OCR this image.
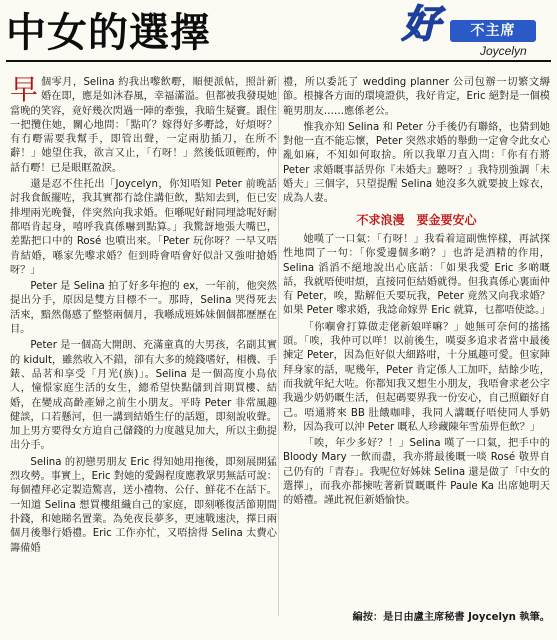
中女的選擇	好	不主席
Joycelyn

早個零月，Selina 約我出嚟飲嘢，順便派帖，照計新婚在即，應是如沐春風，幸福滿溢。但都被我發現她當晚的笑容，竟好幾次閃過一陣的牽強，我暗生疑竇。跟住一把攬住她，關心地問：「點吖？嫁得好多嘢諗，好煩呀？有冇嘢需要我幫手，即管出聲，一定兩肋插刀，在所不辭！」她望住我，欲言又止，「冇呀！」然後低頭輕酌，仲話冇嘢！已是眼眶盈淚。

還是忍不住托出「Joycelyn，你知唔知 Peter 前晚話討我食飯擺咗，我其實都冇諗住講佢飲，點知去到，佢已安排埋兩光晚餐，伴突然向我求婚。佢喺呢好耐同埋諗呢好耐都唔肯起身，嘻呼我真係嚇到點算。」我驚訝地張大嘴巴，差點把口中的 Rosé 也噴出來。「Peter 玩你呀？一早又唔肯結婚，喺家先嚟求婚？佢到時會唔會好似計又強咁搶婚呀？」

Peter 是 Selina 拍了好多年抱的 ex，一年前，他突然提出分手，原因是雙方目標不一。那時，Selina 哭得死去活來，黯然傷感了整整兩個月，我喺成班姊妹個個都歷歷在目。

Peter 是一個高大開朗、充滿童真的大男孩，名副其實的 kidult，雖然收入不錯，卻有大多的燒錢嗜好，相機、手錶、品茗和享受「月光(族)」。Selina 是一個高度小鳥依人，憧憬家庭生活的女生，總希望快點儲到首期買樓、結婚，在變成高齡產婦之前生小朋友。平時 Peter 非常風趣健談，口若懸河，但一講到結婚生仔的話題，即刻說收聲。加上男方要得女方迫自己儲錢的力度越見加大，所以主動提出分手。

Selina 的初戀男朋友 Eric 得知她用拖後，即刻展開猛烈攻勢。事實上，Eric 對她的愛錫程度應教眾男無話可說：每個禮拜必定製造驚喜，送小禮物、公仔、鮮花不在話下。一知道 Selina 想買樓組織自己的家庭，即刻喺復活節期間扑錢，和她睇名置業。為免夜長夢多，更速戰速決，擇日兩個月後舉行婚禮。Eric 工作亦忙，又唔捨得 Selina 太費心籌備婚

禮，所以委託了 wedding planner 公司包辦一切繁文縟節。根據各方面的環境證供，我好肯定，Eric 絕對是一個模範男朋友……應係老公。

惟我亦知 Selina 和 Peter 分手後仍有聯絡，也猜到她對他一直不能忘懷，Peter 突然求婚的舉動一定會令此女心亂如麻，不知如何取捨。所以我單刀直入問：「你有冇將 Peter 求婚嘅事話畀你『未婚夫』聽呀？」我特別強調「未婚夫」三個字，只望提醒 Selina 她沒多久就要披上嫁衣，成為人妻。

不求浪漫　要金要安心

她嘆了一口氣：「冇呀！」我看着這副憔悴樣，再試探性地問了一句：「你愛邊個多啲？」也許是酒精的作用，Selina 滔滔不絕地說出心底話：「如果我愛 Eric 多啲嘅話，我就唔使咁煩，直接同佢結婚就得。但我真係心裏面仲有 Peter，唉，點解佢夭要玩我，Peter 竟然又向我求婚？如果 Peter 嚟求婚，我諗命嫁畀 Eric 就算，乜都唔使諗。」

「你嗰會打算做走佬新娘咩嘛？」她無可奈何的搖搖頭。「唉，我仲可以咩！以前後生，嘆耍多追求者當中最後揀定 Peter，因為佢好似大細路咁，十分風趣可愛。但家陣拜身家的話，呢幾年，Peter 肯定係人工加吓，結餘少咗，而我就年紀大咗。你都知我又想生小朋友，我唔會求老公字我過少奶奶嘅生活，但起碼要界我一份安心，自己照顧好自己。唔通將來 BB 肚餓咖啡，我同人講嘅仔唔使同人爭奶粉，因為我可以沖 Peter 嘅私人珍藏陳年雪茄畀佢飲？」

「唉，年少多好？！」Selina 嘆了一口氣，把手中的 Bloody Mary 一飲而盡，我亦將最後嘅一啖 Rosé 敬畀自己仍有的「青春」。我呢位好姊妹 Selina 還是做了「中女的選擇」，而我亦都揀咗著新買嘅嘅件 Paule Ka 出席她明天的婚禮。謹此祝佢新婚愉快。

編按：是日由盧主席秘書 Joycelyn 執筆。
